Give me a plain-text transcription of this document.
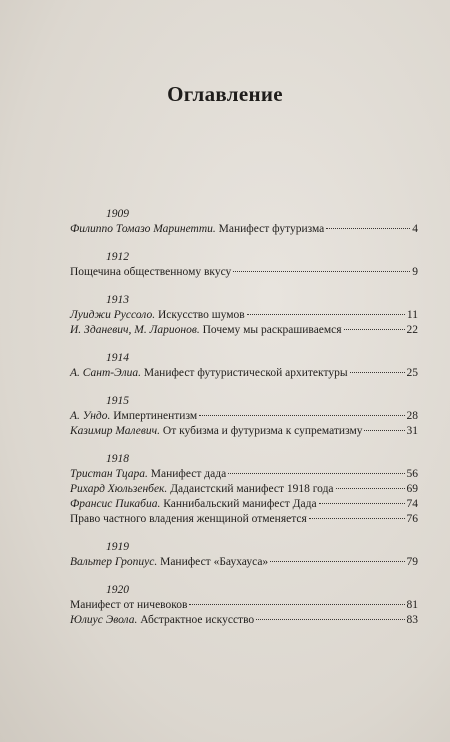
Оглавление
1909
Филиппо Томазо Маринетти. Манифест футуризма	4
1912
Пощечина общественному вкусу	9
1913
Луиджи Руссоло. Искусство шумов	11
И. Зданевич, М. Ларионов. Почему мы раскрашиваемся	22
1914
А. Сант-Элиа. Манифест футуристической архитектуры	25
1915
А. Ундо. Импертинентизм	28
Казимир Малевич. От кубизма и футуризма к супрематизму	31
1918
Тристан Тцара. Манифест дада	56
Рихард Хюльзенбек. Дадаистский манифест 1918 года	69
Франсис Пикабиа. Каннибальский манифест Дада	74
Право частного владения женщиной отменяется	76
1919
Вальтер Гропиус. Манифест «Баухауса»	79
1920
Манифест от ничевоков	81
Юлиус Эвола. Абстрактное искусство	83
